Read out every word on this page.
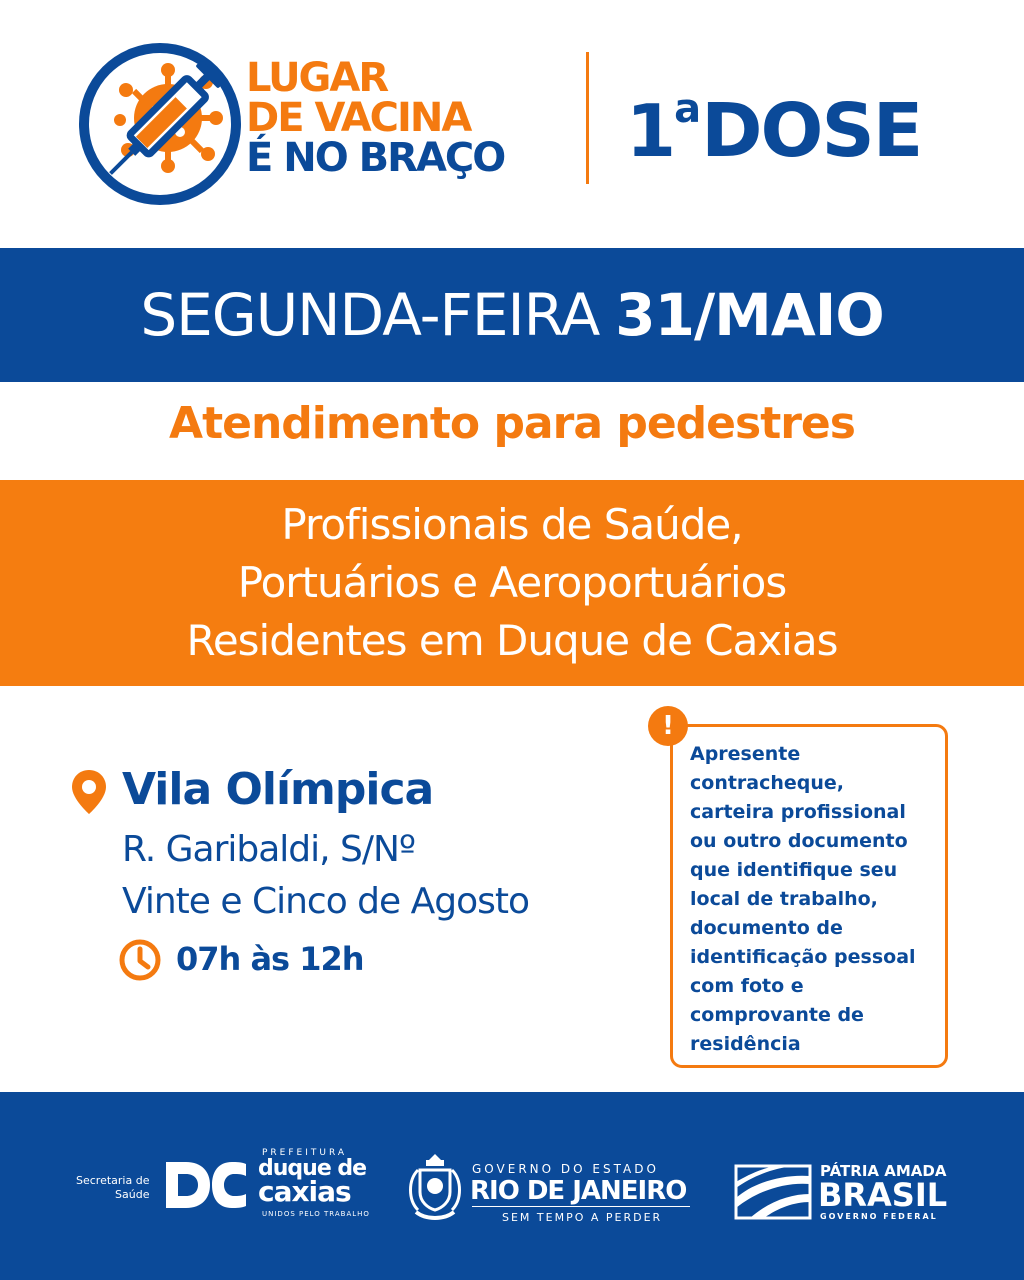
LUGAR
DE VACINA
É NO BRAÇO 1aDOSE
SEGUNDA-FEIRA 31/MAIO
Atendimento para pedestres
Profissionais de Saúde,
Portuários e Aeroportuários
Residentes em Duque de Caxias
Vila Olímpica
R. Garibaldi, S/Nº
Vinte e Cinco de Agosto
07h às 12h
!
Apresente
contracheque,
carteira profissional
ou outro documento
que identifique seu
local de trabalho,
documento de
identificação pessoal
com foto e
comprovante de
residência
Secretaria de
Saúde
PREFEITURA
duque de
caxias
UNIDOS PELO TRABALHO
GOVERNO DO ESTADO
RIO DE JANEIRO
SEM TEMPO A PERDER
PÁTRIA AMADA
BRASIL
GOVERNO FEDERAL
